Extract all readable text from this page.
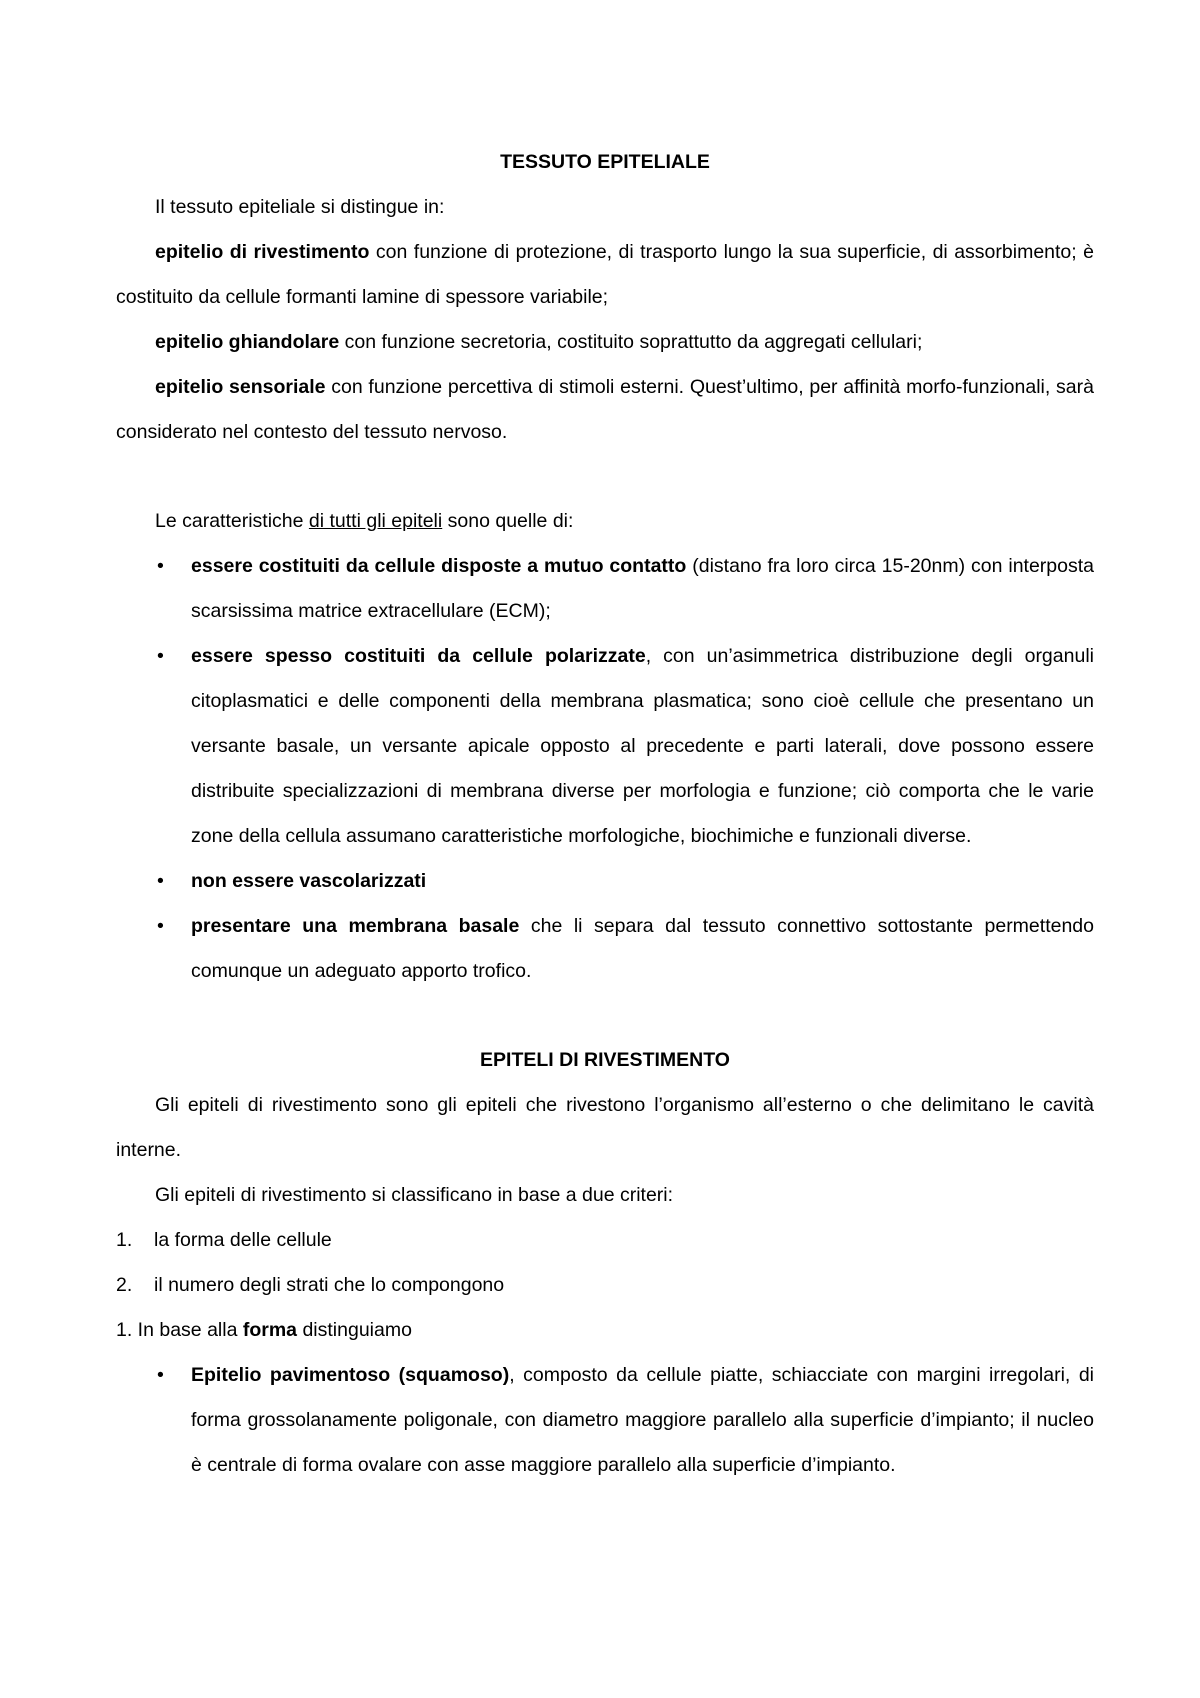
TESSUTO EPITELIALE

Il tessuto epiteliale si distingue in:

epitelio di rivestimento con funzione di protezione, di trasporto lungo la sua superficie, di assorbimento; è costituito da cellule formanti lamine di spessore variabile;

epitelio ghiandolare con funzione secretoria, costituito soprattutto da aggregati cellulari;

epitelio sensoriale con funzione percettiva di stimoli esterni. Quest’ultimo, per affinità morfo-funzionali, sarà considerato nel contesto del tessuto nervoso.

Le caratteristiche di tutti gli epiteli sono quelle di:

• essere costituiti da cellule disposte a mutuo contatto (distano fra loro circa 15-20nm) con interposta scarsissima matrice extracellulare (ECM);
• essere spesso costituiti da cellule polarizzate, con un’asimmetrica distribuzione degli organuli citoplasmatici e delle componenti della membrana plasmatica; sono cioè cellule che presentano un versante basale, un versante apicale opposto al precedente e parti laterali, dove possono essere distribuite specializzazioni di membrana diverse per morfologia e funzione; ciò comporta che le varie zone della cellula assumano caratteristiche morfologiche, biochimiche e funzionali diverse.
• non essere vascolarizzati
• presentare una membrana basale che li separa dal tessuto connettivo sottostante permettendo comunque un adeguato apporto trofico.
EPITELI DI RIVESTIMENTO

Gli epiteli di rivestimento sono gli epiteli che rivestono l’organismo all’esterno o che delimitano le cavità interne.

Gli epiteli di rivestimento si classificano in base a due criteri:

1. la forma delle cellule
2. il numero degli strati che lo compongono
1. In base alla forma distinguiamo
• Epitelio pavimentoso (squamoso), composto da cellule piatte, schiacciate con margini irregolari, di forma grossolanamente poligonale, con diametro maggiore parallelo alla superficie d’impianto; il nucleo è centrale di forma ovalare con asse maggiore parallelo alla superficie d’impianto.
